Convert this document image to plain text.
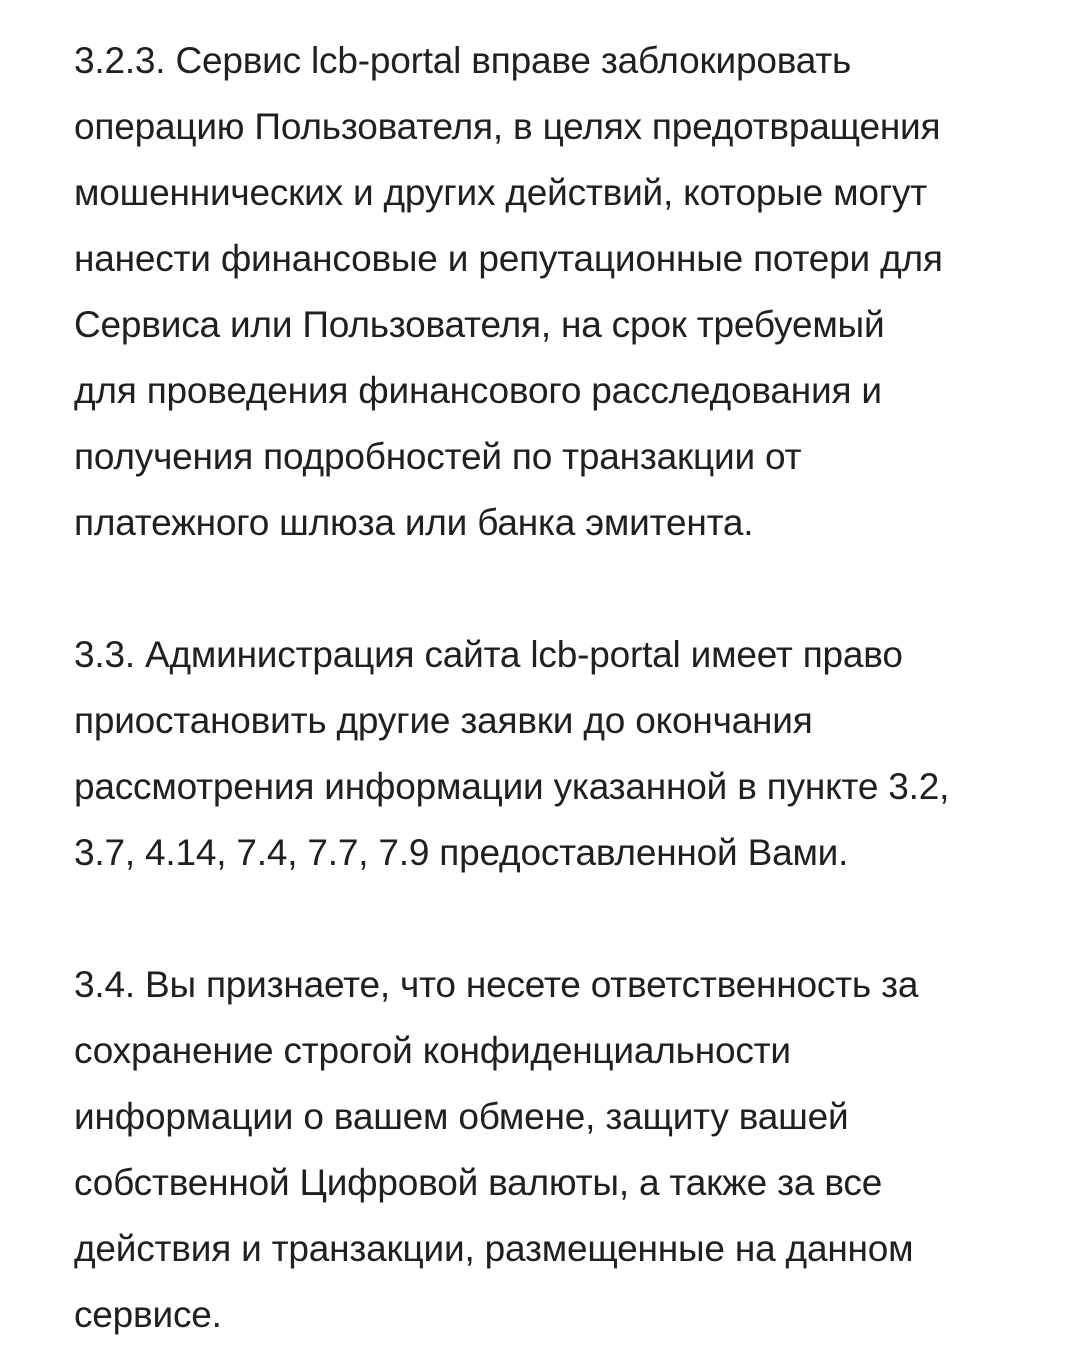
3.2.3. Сервис lcb-portal вправе заблокировать
операцию Пользователя, в целях предотвращения
мошеннических и других действий, которые могут
нанести финансовые и репутационные потери для
Сервиса или Пользователя, на срок требуемый
для проведения финансового расследования и
получения подробностей по транзакции от
платежного шлюза или банка эмитента.
3.3. Администрация сайта lcb-portal имеет право
приостановить другие заявки до окончания
рассмотрения информации указанной в пункте 3.2,
3.7, 4.14, 7.4, 7.7, 7.9 предоставленной Вами.
3.4. Вы признаете, что несете ответственность за
сохранение строгой конфиденциальности
информации о вашем обмене, защиту вашей
собственной Цифровой валюты, а также за все
действия и транзакции, размещенные на данном
сервисе.
